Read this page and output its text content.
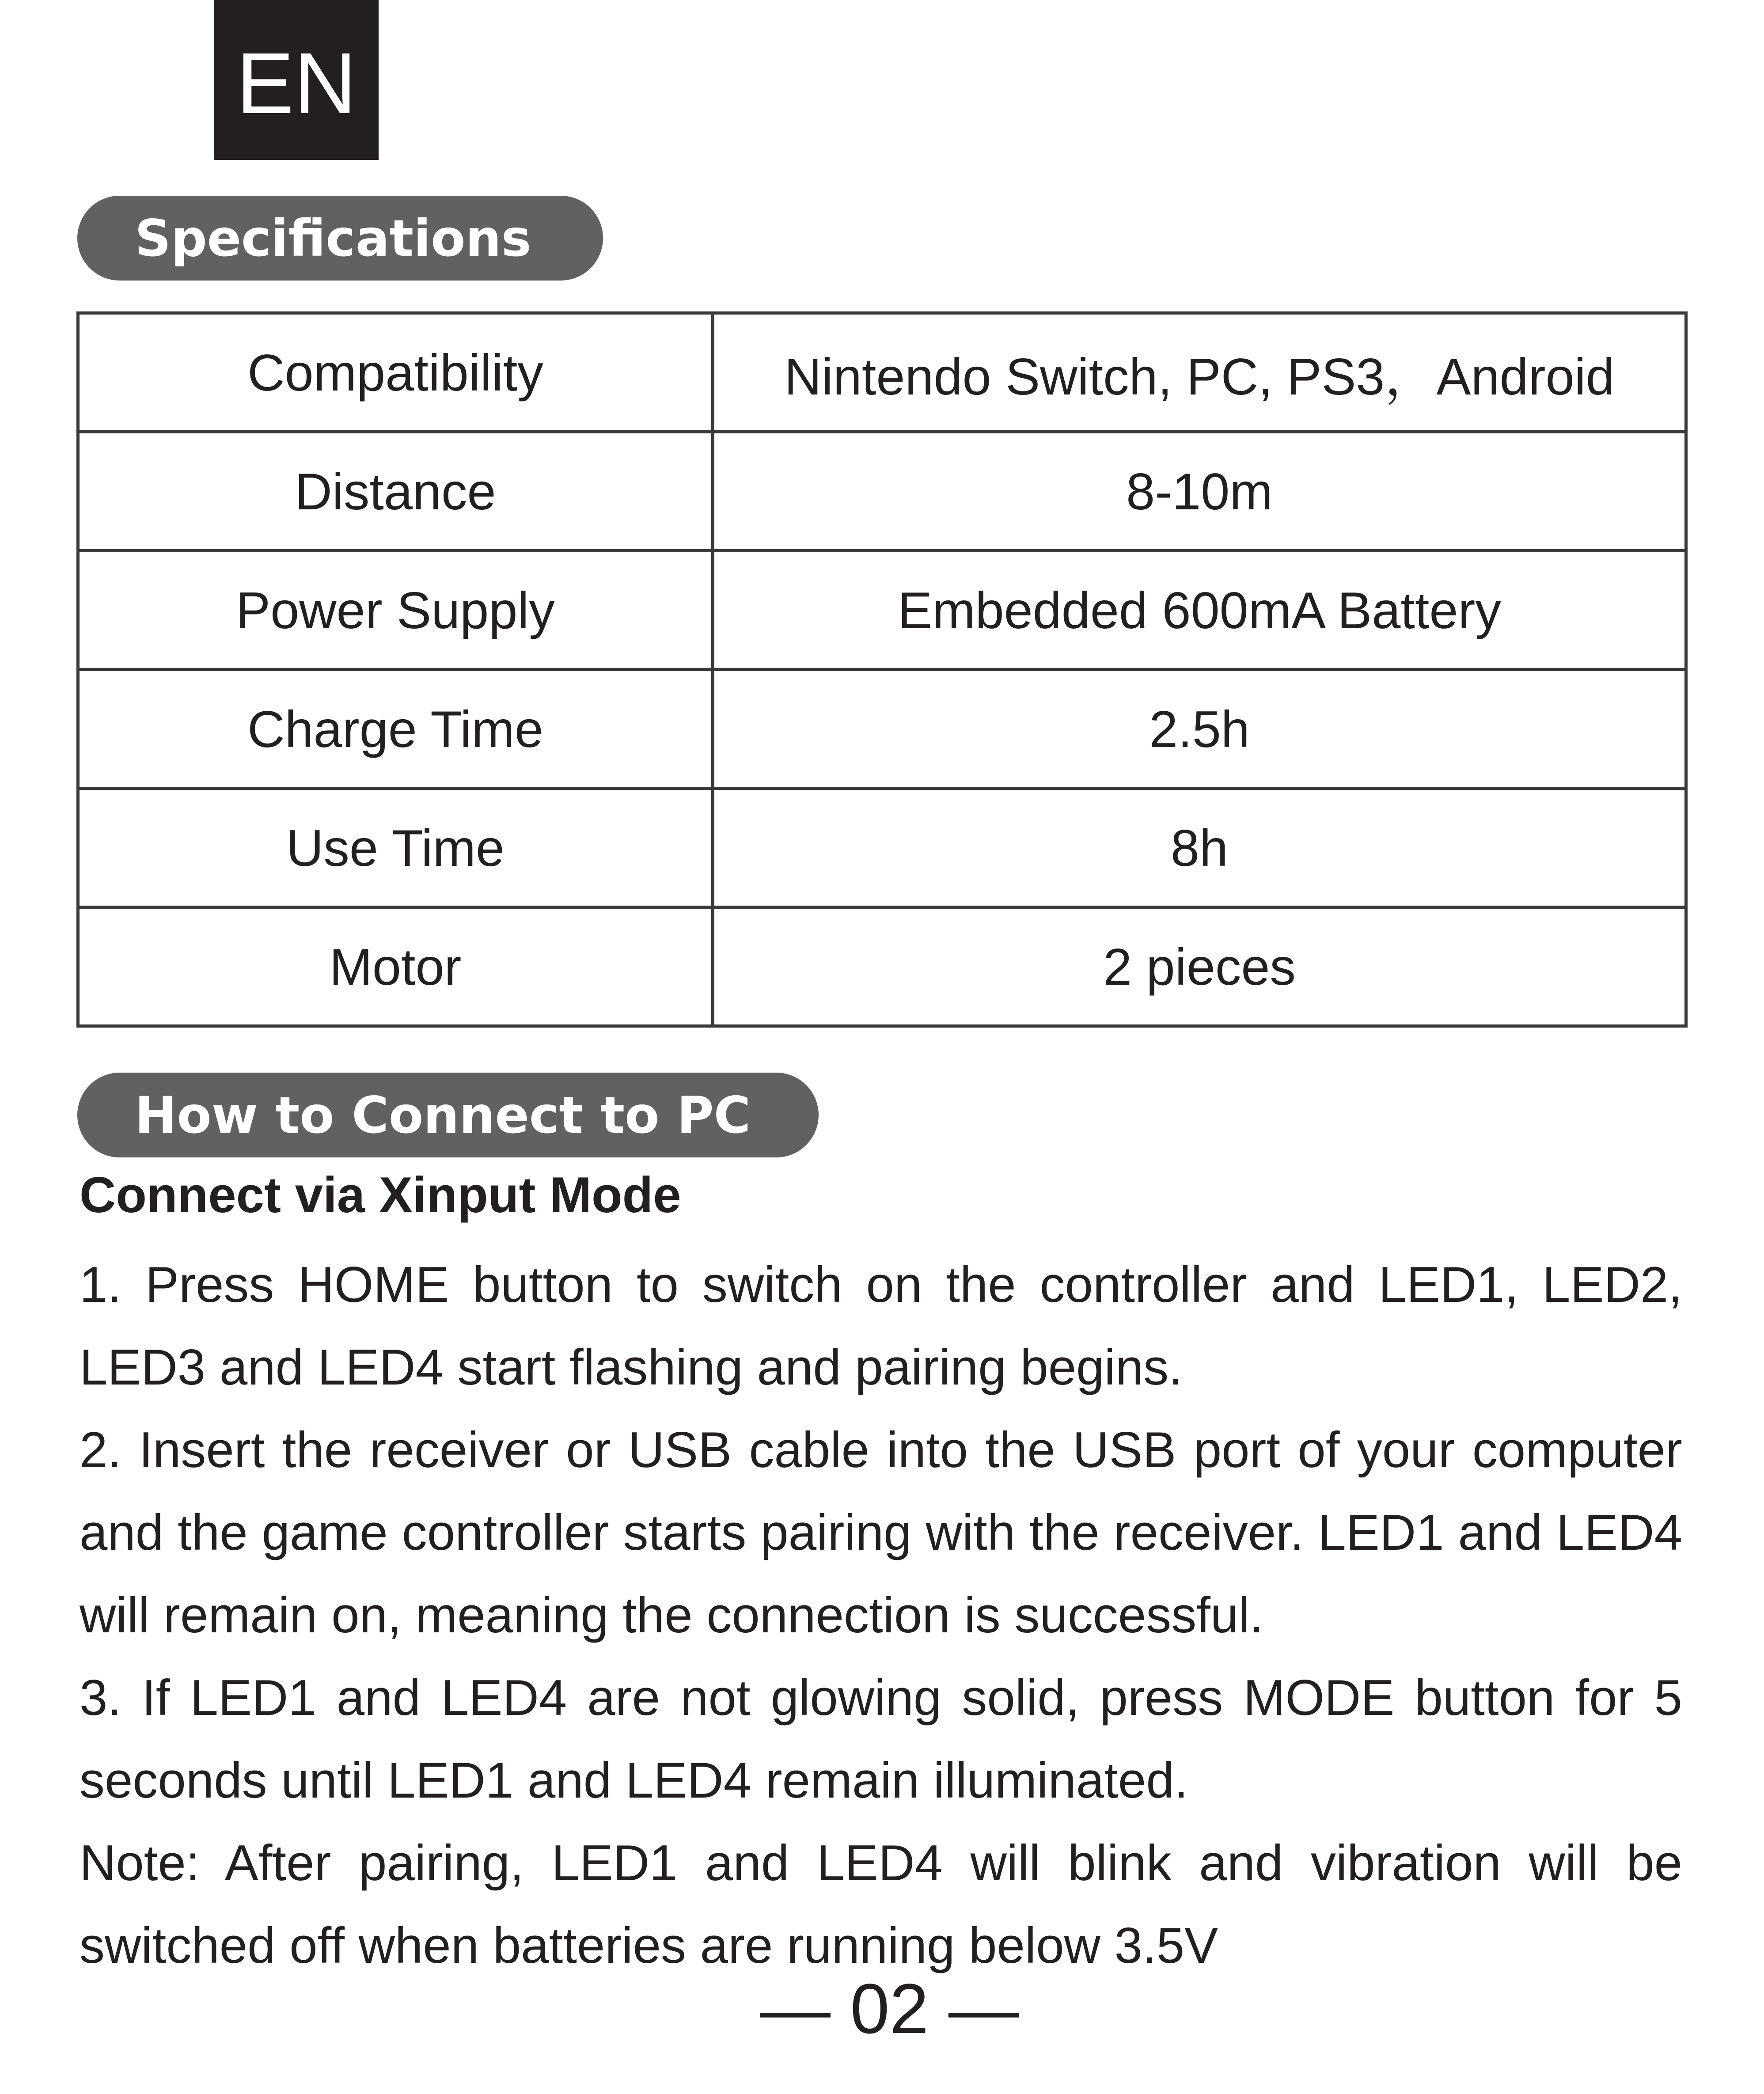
EN
Specifications
Compatibility	Nintendo Switch, PC, PS3，Android
Distance	8-10m
Power Supply	Embedded 600mA Battery
Charge Time	2.5h
Use Time	8h
Motor	2 pieces
How to Connect to PC
Connect via Xinput Mode

1. Press HOME button to switch on the controller and LED1, LED2, LED3 and LED4 start flashing and pairing begins.

2. Insert the receiver or USB cable into the USB port of your computer and the game controller starts pairing with the receiver. LED1 and LED4 will remain on, meaning the connection is successful.

3. If LED1 and LED4 are not glowing solid, press MODE button for 5 seconds until LED1 and LED4 remain illuminated.

Note: After pairing, LED1 and LED4 will blink and vibration will be switched off when batteries are running below 3.5V

— 02 —
